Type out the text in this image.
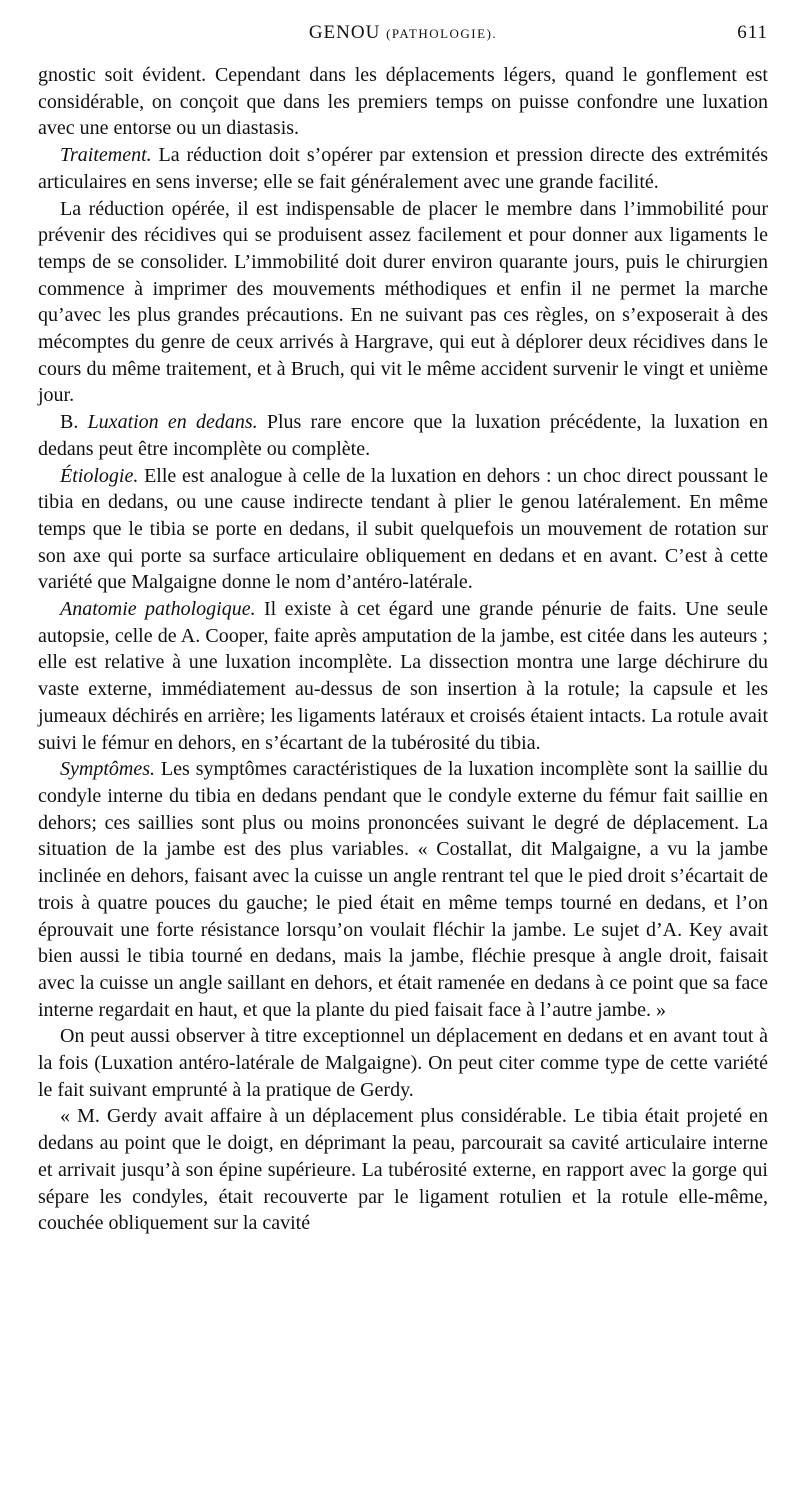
GENOU (PATHOLOGIE).	611

gnostic soit évident. Cependant dans les déplacements légers, quand le gonflement est considérable, on conçoit que dans les premiers temps on puisse confondre une luxation avec une entorse ou un diastasis.

Traitement. La réduction doit s’opérer par extension et pression directe des extrémités articulaires en sens inverse; elle se fait généralement avec une grande facilité.

La réduction opérée, il est indispensable de placer le membre dans l’immobilité pour prévenir des récidives qui se produisent assez facilement et pour donner aux ligaments le temps de se consolider. L’immobilité doit durer environ quarante jours, puis le chirurgien commence à imprimer des mouvements méthodiques et enfin il ne permet la marche qu’avec les plus grandes précautions. En ne suivant pas ces règles, on s’exposerait à des mécomptes du genre de ceux arrivés à Hargrave, qui eut à déplorer deux récidives dans le cours du même traitement, et à Bruch, qui vit le même accident survenir le vingt et unième jour.

B. Luxation en dedans. Plus rare encore que la luxation précédente, la luxation en dedans peut être incomplète ou complète.

Étiologie. Elle est analogue à celle de la luxation en dehors : un choc direct poussant le tibia en dedans, ou une cause indirecte tendant à plier le genou latéralement. En même temps que le tibia se porte en dedans, il subit quelquefois un mouvement de rotation sur son axe qui porte sa surface articulaire obliquement en dedans et en avant. C’est à cette variété que Malgaigne donne le nom d’antéro-latérale.

Anatomie pathologique. Il existe à cet égard une grande pénurie de faits. Une seule autopsie, celle de A. Cooper, faite après amputation de la jambe, est citée dans les auteurs ; elle est relative à une luxation incomplète. La dissection montra une large déchirure du vaste externe, immédiatement au-dessus de son insertion à la rotule; la capsule et les jumeaux déchirés en arrière; les ligaments latéraux et croisés étaient intacts. La rotule avait suivi le fémur en dehors, en s’écartant de la tubérosité du tibia.

Symptômes. Les symptômes caractéristiques de la luxation incomplète sont la saillie du condyle interne du tibia en dedans pendant que le condyle externe du fémur fait saillie en dehors; ces saillies sont plus ou moins prononcées suivant le degré de déplacement. La situation de la jambe est des plus variables. « Costallat, dit Malgaigne, a vu la jambe inclinée en dehors, faisant avec la cuisse un angle rentrant tel que le pied droit s’écartait de trois à quatre pouces du gauche; le pied était en même temps tourné en dedans, et l’on éprouvait une forte résistance lorsqu’on voulait fléchir la jambe. Le sujet d’A. Key avait bien aussi le tibia tourné en dedans, mais la jambe, fléchie presque à angle droit, faisait avec la cuisse un angle saillant en dehors, et était ramenée en dedans à ce point que sa face interne regardait en haut, et que la plante du pied faisait face à l’autre jambe. »

On peut aussi observer à titre exceptionnel un déplacement en dedans et en avant tout à la fois (Luxation antéro-latérale de Malgaigne). On peut citer comme type de cette variété le fait suivant emprunté à la pratique de Gerdy.

« M. Gerdy avait affaire à un déplacement plus considérable. Le tibia était projeté en dedans au point que le doigt, en déprimant la peau, parcourait sa cavité articulaire interne et arrivait jusqu’à son épine supérieure. La tubérosité externe, en rapport avec la gorge qui sépare les condyles, était recouverte par le ligament rotulien et la rotule elle-même, couchée obliquement sur la cavité
